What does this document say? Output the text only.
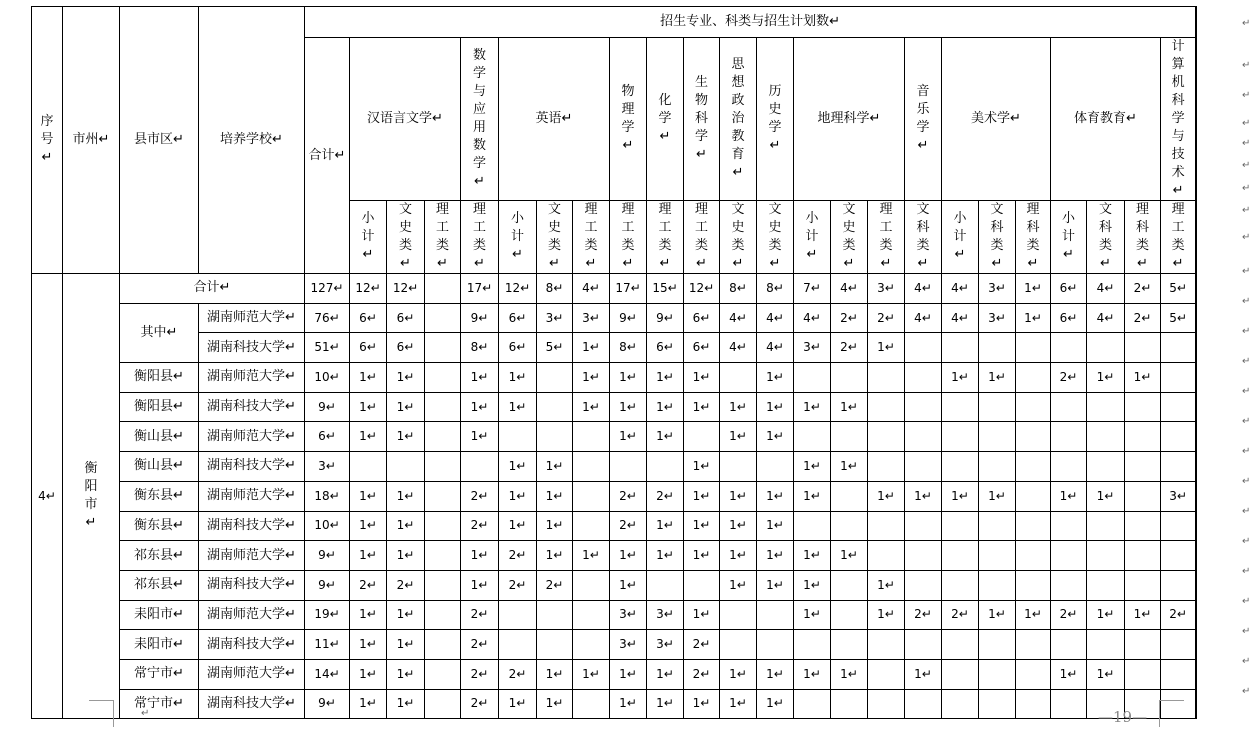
序号↵	市州↵	县市区↵	培养学校↵	招生专业、科类与招生计划数↵	
				合计↵	汉语言文学↵			数学与应用数学↵	英语↵			物理学↵	化学↵	生物科学↵	思想政治教育↵	历史学↵	地理科学↵			音乐学↵	美术学↵			体育教育↵			计算机科学与技术↵	
					小计↵	文史类↵	理工类↵	理工类↵	小计↵	文史类↵	理工类↵	理工类↵	理工类↵	理工类↵	文史类↵	文史类↵	小计↵	文史类↵	理工类↵	文科类↵	小计↵	文科类↵	理科类↵	小计↵	文科类↵	理科类↵	理工类↵	
4↵	衡阳市↵	合计↵		127↵	12↵	12↵		17↵	12↵	8↵	4↵	17↵	15↵	12↵	8↵	8↵	7↵	4↵	3↵	4↵	4↵	3↵	1↵	6↵	4↵	2↵	5↵	
		其中↵	湖南师范大学↵	76↵	6↵	6↵		9↵	6↵	3↵	3↵	9↵	9↵	6↵	4↵	4↵	4↵	2↵	2↵	4↵	4↵	3↵	1↵	6↵	4↵	2↵	5↵	
			湖南科技大学↵	51↵	6↵	6↵		8↵	6↵	5↵	1↵	8↵	6↵	6↵	4↵	4↵	3↵	2↵	1↵									
		衡阳县↵	湖南师范大学↵	10↵	1↵	1↵		1↵	1↵		1↵	1↵	1↵	1↵		1↵					1↵	1↵		2↵	1↵	1↵		
		衡阳县↵	湖南科技大学↵	9↵	1↵	1↵		1↵	1↵		1↵	1↵	1↵	1↵	1↵	1↵	1↵	1↵										
		衡山县↵	湖南师范大学↵	6↵	1↵	1↵		1↵				1↵	1↵		1↵	1↵												
		衡山县↵	湖南科技大学↵	3↵					1↵	1↵				1↵			1↵	1↵										
		衡东县↵	湖南师范大学↵	18↵	1↵	1↵		2↵	1↵	1↵		2↵	2↵	1↵	1↵	1↵	1↵		1↵	1↵	1↵	1↵		1↵	1↵		3↵	
		衡东县↵	湖南科技大学↵	10↵	1↵	1↵		2↵	1↵	1↵		2↵	1↵	1↵	1↵	1↵												
		祁东县↵	湖南师范大学↵	9↵	1↵	1↵		1↵	2↵	1↵	1↵	1↵	1↵	1↵	1↵	1↵	1↵	1↵										
		祁东县↵	湖南科技大学↵	9↵	2↵	2↵		1↵	2↵	2↵		1↵			1↵	1↵	1↵		1↵									
		耒阳市↵	湖南师范大学↵	19↵	1↵	1↵		2↵				3↵	3↵	1↵			1↵		1↵	2↵	2↵	1↵	1↵	2↵	1↵	1↵	2↵	
		耒阳市↵	湖南科技大学↵	11↵	1↵	1↵		2↵				3↵	3↵	2↵														
		常宁市↵	湖南师范大学↵	14↵	1↵	1↵		2↵	2↵	1↵	1↵	1↵	1↵	2↵	1↵	1↵	1↵	1↵		1↵				1↵	1↵			
		常宁市↵	湖南科技大学↵	9↵	1↵	1↵		2↵	1↵	1↵		1↵	1↵	1↵	1↵	1↵												
↵	—19—
↵
↵
↵
↵
↵
↵
↵
↵
↵
↵
↵
↵
↵
↵
↵
↵
↵
↵
↵
↵
↵
↵
↵
↵
